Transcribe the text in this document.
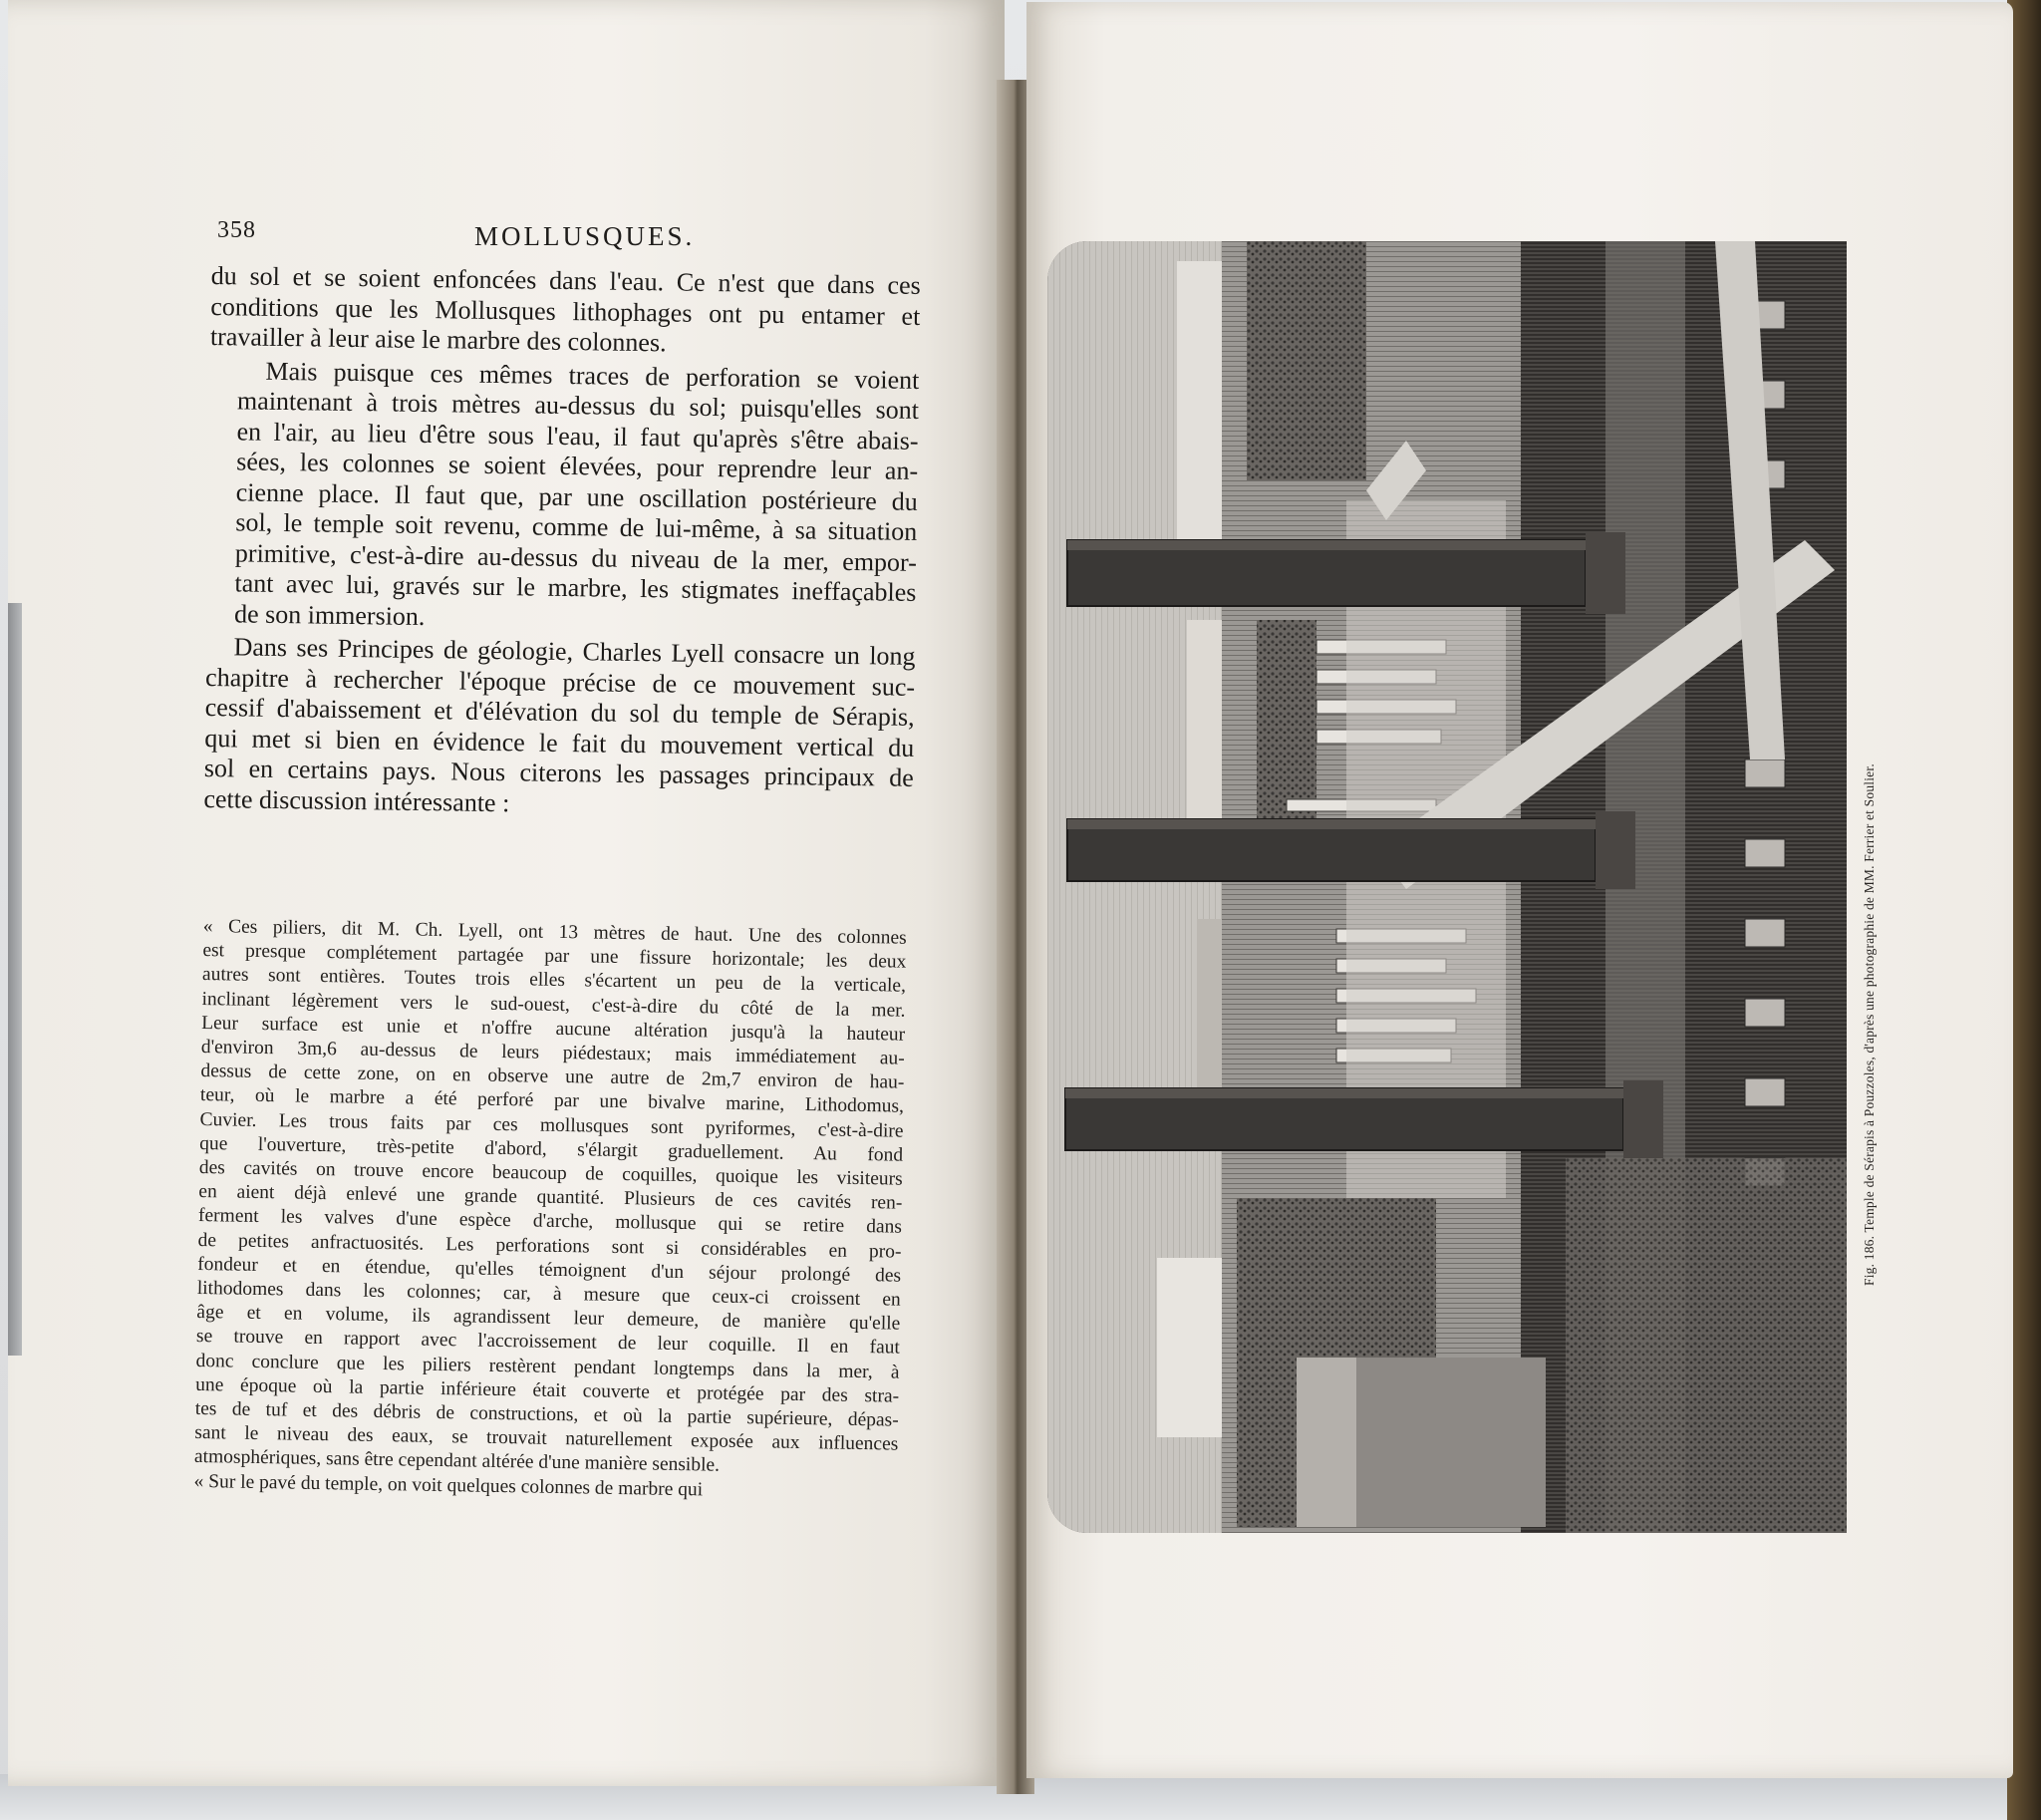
358	MOLLUSQUES.

du sol et se soient enfoncées dans l'eau. Ce n'est que dans ces
conditions que les Mollusques lithophages ont pu entamer et
travailler à leur aise le marbre des colonnes.

Mais puisque ces mêmes traces de perforation se voient
maintenant à trois mètres au-dessus du sol; puisqu'elles sont
en l'air, au lieu d'être sous l'eau, il faut qu'après s'être abais-
sées, les colonnes se soient élevées, pour reprendre leur an-
cienne place. Il faut que, par une oscillation postérieure du
sol, le temple soit revenu, comme de lui-même, à sa situation
primitive, c'est-à-dire au-dessus du niveau de la mer, empor-
tant avec lui, gravés sur le marbre, les stigmates ineffaçables
de son immersion.

Dans ses Principes de géologie, Charles Lyell consacre un long
chapitre à rechercher l'époque précise de ce mouvement suc-
cessif d'abaissement et d'élévation du sol du temple de Sérapis,
qui met si bien en évidence le fait du mouvement vertical du
sol en certains pays. Nous citerons les passages principaux de
cette discussion intéressante :

« Ces piliers, dit M. Ch. Lyell, ont 13 mètres de haut. Une des colonnes
est presque complétement partagée par une fissure horizontale; les deux
autres sont entières. Toutes trois elles s'écartent un peu de la verticale,
inclinant légèrement vers le sud-ouest, c'est-à-dire du côté de la mer.
Leur surface est unie et n'offre aucune altération jusqu'à la hauteur
d'environ 3m,6 au-dessus de leurs piédestaux; mais immédiatement au-
dessus de cette zone, on en observe une autre de 2m,7 environ de hau-
teur, où le marbre a été perforé par une bivalve marine, Lithodomus,
Cuvier. Les trous faits par ces mollusques sont pyriformes, c'est-à-dire
que l'ouverture, très-petite d'abord, s'élargit graduellement. Au fond
des cavités on trouve encore beaucoup de coquilles, quoique les visiteurs
en aient déjà enlevé une grande quantité. Plusieurs de ces cavités ren-
ferment les valves d'une espèce d'arche, mollusque qui se retire dans
de petites anfractuosités. Les perforations sont si considérables en pro-
fondeur et en étendue, qu'elles témoignent d'un séjour prolongé des
lithodomes dans les colonnes; car, à mesure que ceux-ci croissent en
âge et en volume, ils agrandissent leur demeure, de manière qu'elle
se trouve en rapport avec l'accroissement de leur coquille. Il en faut
donc conclure que les piliers restèrent pendant longtemps dans la mer, à
une époque où la partie inférieure était couverte et protégée par des stra-
tes de tuf et des débris de constructions, et où la partie supérieure, dépas-
sant le niveau des eaux, se trouvait naturellement exposée aux influences
atmosphériques, sans être cependant altérée d'une manière sensible.
« Sur le pavé du temple, on voit quelques colonnes de marbre qui
Fig. 186. Temple de Sérapis à Pouzzoles, d'après une photographie de MM. Ferrier et Soulier.
